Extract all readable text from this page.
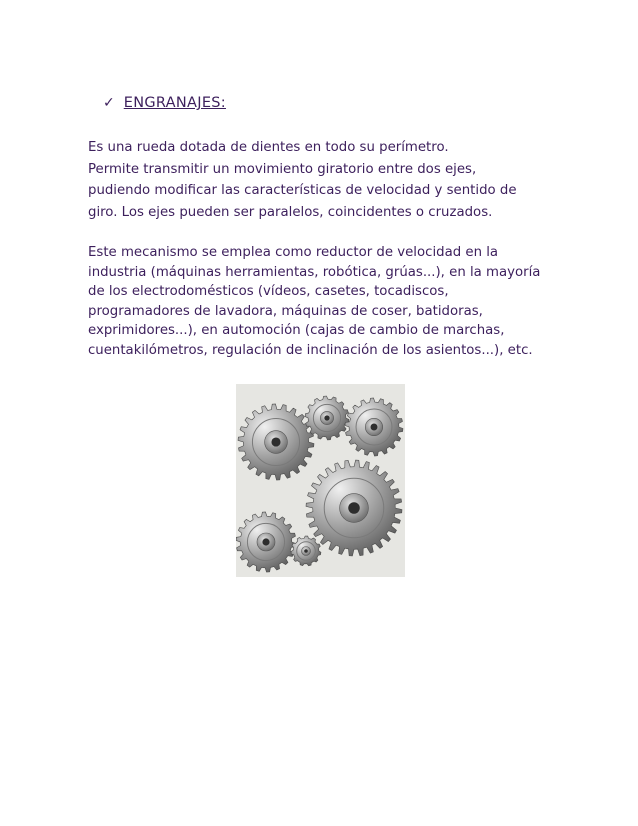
✓ ENGRANAJES:

Es una rueda dotada de dientes en todo su perímetro.
Permite transmitir un movimiento giratorio entre dos ejes,
pudiendo modificar las características de velocidad y sentido de
giro. Los ejes pueden ser paralelos, coincidentes o cruzados.

Este mecanismo se emplea como reductor de velocidad en la
industria (máquinas herramientas, robótica, grúas...), en la mayoría
de los electrodomésticos (vídeos, casetes, tocadiscos,
programadores de lavadora, máquinas de coser, batidoras,
exprimidores...), en automoción (cajas de cambio de marchas,
cuentakilómetros, regulación de inclinación de los asientos...), etc.
